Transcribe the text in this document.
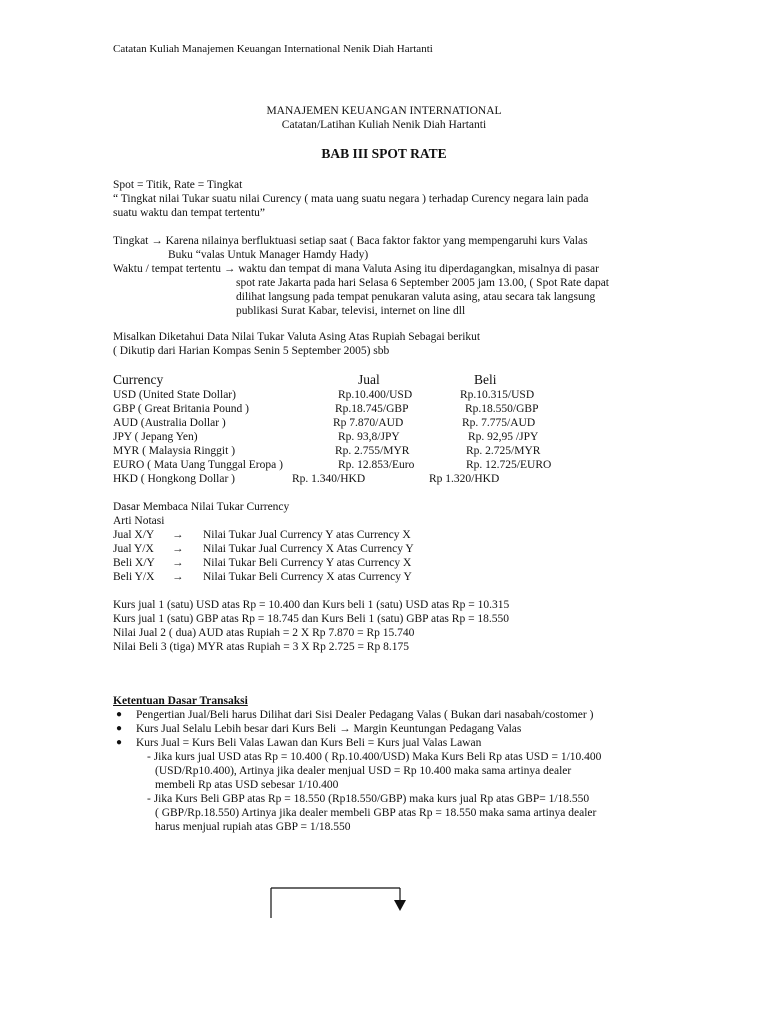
Catatan Kuliah Manajemen Keuangan International Nenik Diah Hartanti
MANAJEMEN KEUANGAN INTERNATIONAL
Catatan/Latihan Kuliah Nenik Diah Hartanti
BAB III SPOT RATE
Spot = Titik, Rate = Tingkat
“ Tingkat nilai Tukar suatu nilai Curency ( mata uang suatu negara ) terhadap Curency negara lain pada
suatu waktu dan tempat tertentu”
Tingkat → Karena nilainya berfluktuasi setiap saat ( Baca faktor faktor yang mempengaruhi kurs Valas
Buku “valas Untuk Manager Hamdy Hady)
Waktu / tempat tertentu → waktu dan tempat di mana Valuta Asing itu diperdagangkan, misalnya di pasar
spot rate Jakarta pada hari Selasa 6 September 2005 jam 13.00, ( Spot Rate dapat
dilihat langsung pada tempat penukaran valuta asing, atau secara tak langsung
publikasi Surat Kabar, televisi, internet on line dll
Misalkan Diketahui Data Nilai Tukar Valuta Asing Atas Rupiah Sebagai berikut
( Dikutip dari Harian Kompas Senin 5 September 2005) sbb
Currency	Jual	Beli
USD (United State Dollar)	Rp.10.400/USD	Rp.10.315/USD
GBP ( Great Britania Pound )	Rp.18.745/GBP	Rp.18.550/GBP
AUD (Australia Dollar )	Rp 7.870/AUD	Rp. 7.775/AUD
JPY ( Jepang Yen)	Rp. 93,8/JPY	Rp. 92,95 /JPY
MYR ( Malaysia Ringgit )	Rp. 2.755/MYR	Rp. 2.725/MYR
EURO ( Mata Uang Tunggal Eropa )	Rp. 12.853/Euro	Rp. 12.725/EURO
HKD ( Hongkong Dollar )	Rp. 1.340/HKD	Rp 1.320/HKD
Dasar Membaca Nilai Tukar Currency
Arti Notasi
Jual X/Y → Nilai Tukar Jual Currency Y atas Currency X
Jual Y/X → Nilai Tukar Jual Currency X Atas Currency Y
Beli X/Y → Nilai Tukar Beli Currency Y atas Currency X
Beli Y/X → Nilai Tukar Beli Currency X atas Currency Y
Kurs jual 1 (satu) USD atas Rp = 10.400 dan Kurs beli 1 (satu) USD atas Rp = 10.315
Kurs jual 1 (satu) GBP atas Rp = 18.745 dan Kurs Beli 1 (satu) GBP atas Rp = 18.550
Nilai Jual 2 ( dua) AUD atas Rupiah = 2 X Rp 7.870 = Rp 15.740
Nilai Beli 3 (tiga) MYR atas Rupiah = 3 X Rp 2.725 = Rp 8.175
Ketentuan Dasar Transaksi
● Pengertian Jual/Beli harus Dilihat dari Sisi Dealer Pedagang Valas ( Bukan dari nasabah/costomer )
● Kurs Jual Selalu Lebih besar dari Kurs Beli → Margin Keuntungan Pedagang Valas
● Kurs Jual = Kurs Beli Valas Lawan dan Kurs Beli = Kurs jual Valas Lawan
- Jika kurs jual USD atas Rp = 10.400 ( Rp.10.400/USD) Maka Kurs Beli Rp atas USD = 1/10.400
(USD/Rp10.400), Artinya jika dealer menjual USD = Rp 10.400 maka sama artinya dealer
membeli Rp atas USD sebesar 1/10.400
- Jika Kurs Beli GBP atas Rp = 18.550 (Rp18.550/GBP) maka kurs jual Rp atas GBP= 1/18.550
( GBP/Rp.18.550) Artinya jika dealer membeli GBP atas Rp = 18.550 maka sama artinya dealer
harus menjual rupiah atas GBP = 1/18.550
